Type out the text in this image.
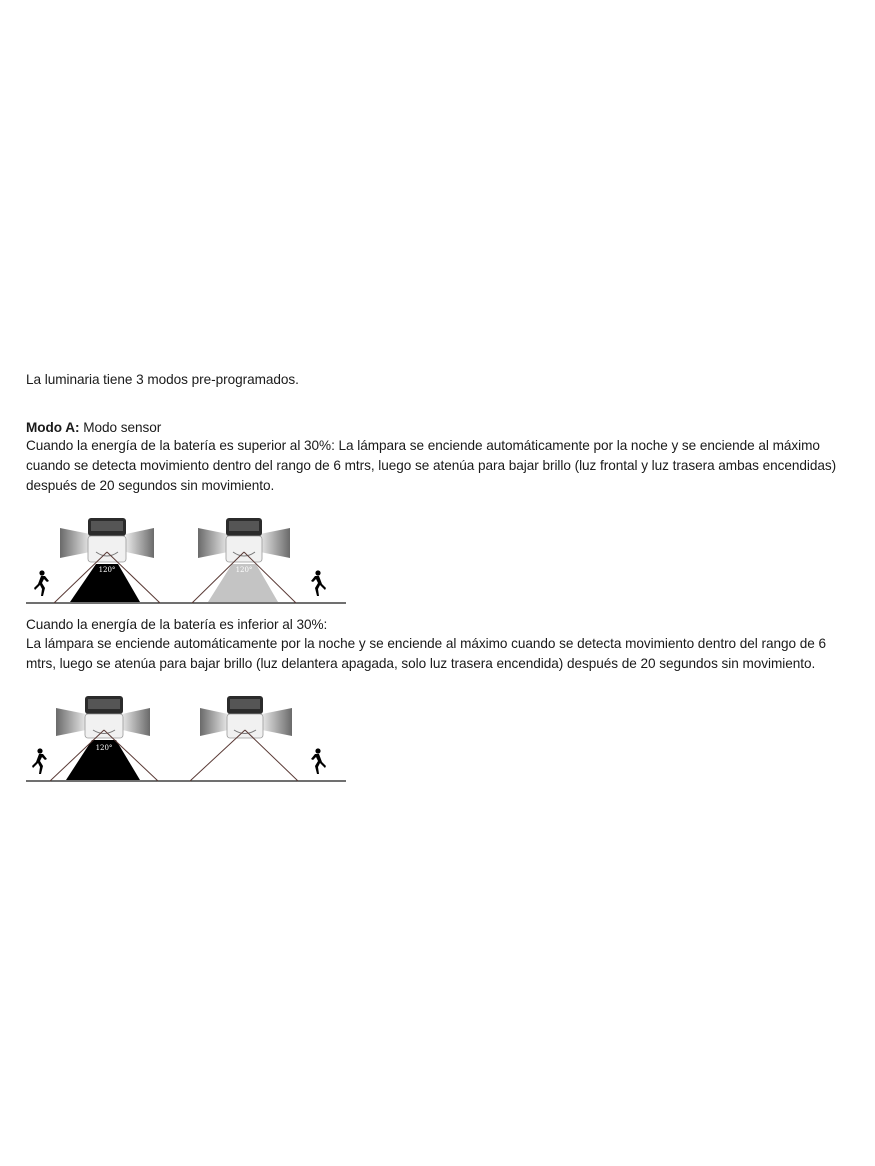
La luminaria tiene 3 modos pre-programados.
Modo A: Modo sensor
Cuando la energía de la batería es superior al 30%: La lámpara se enciende automáticamente por la noche y se enciende al máximo
cuando se detecta movimiento dentro del rango de 6 mtrs, luego se atenúa para bajar brillo (luz frontal y luz trasera ambas encendidas)
después de 20 segundos sin movimiento.
120°	120°
Cuando la energía de la batería es inferior al 30%:
La lámpara se enciende automáticamente por la noche y se enciende al máximo cuando se detecta movimiento dentro del rango de 6
mtrs, luego se atenúa para bajar brillo (luz delantera apagada, solo luz trasera encendida) después de 20 segundos sin movimiento.
120°
